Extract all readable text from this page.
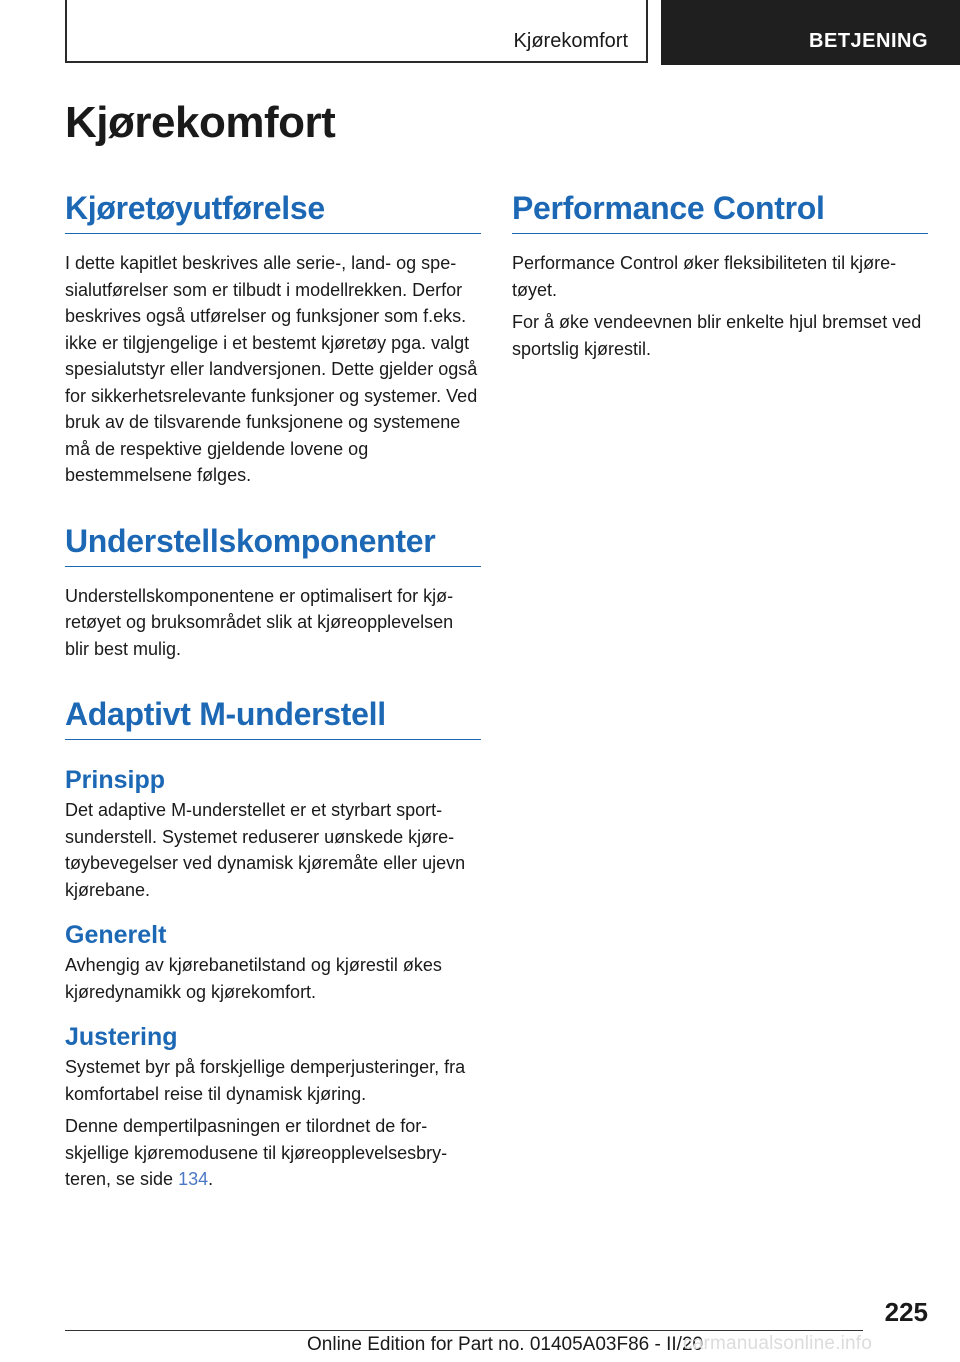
Kjørekomfort	BETJENING
Kjørekomfort
Kjøretøyutførelse

I dette kapitlet beskrives alle serie-, land- og spesialutførelser som er tilbudt i modellrekken. Derfor beskrives også utførelser og funksjoner som f.eks. ikke er tilgjengelige i et bestemt kjøretøy pga. valgt spesialutstyr eller landversjonen. Dette gjelder også for sikkerhetsrelevante funksjoner og systemer. Ved bruk av de tilsvarende funksjonene og systemene må de respektive gjeldende lovene og bestemmelsene følges.

Understellskomponenter

Understellskomponentene er optimalisert for kjøretøyet og bruksområdet slik at kjøreopplevelsen blir best mulig.

Adaptivt M-understell
Prinsipp

Det adaptive M-understellet er et styrbart sportsunderstell. Systemet reduserer uønskede kjøretøybevegelser ved dynamisk kjøremåte eller ujevn kjørebane.

Generelt

Avhengig av kjørebanetilstand og kjørestil økes kjøredynamikk og kjørekomfort.

Justering

Systemet byr på forskjellige demperjusteringer, fra komfortabel reise til dynamisk kjøring.

Denne dempertilpasningen er tilordnet de forskjellige kjøremodusene til kjøreopplevelsesbryteren, se side 134.

Performance Control

Performance Control øker fleksibiliteten til kjøretøyet.

For å øke vendeevnen blir enkelte hjul bremset ved sportslig kjørestil.

225
Online Edition for Part no. 01405A03F86 - II/20
carmanualsonline.info
